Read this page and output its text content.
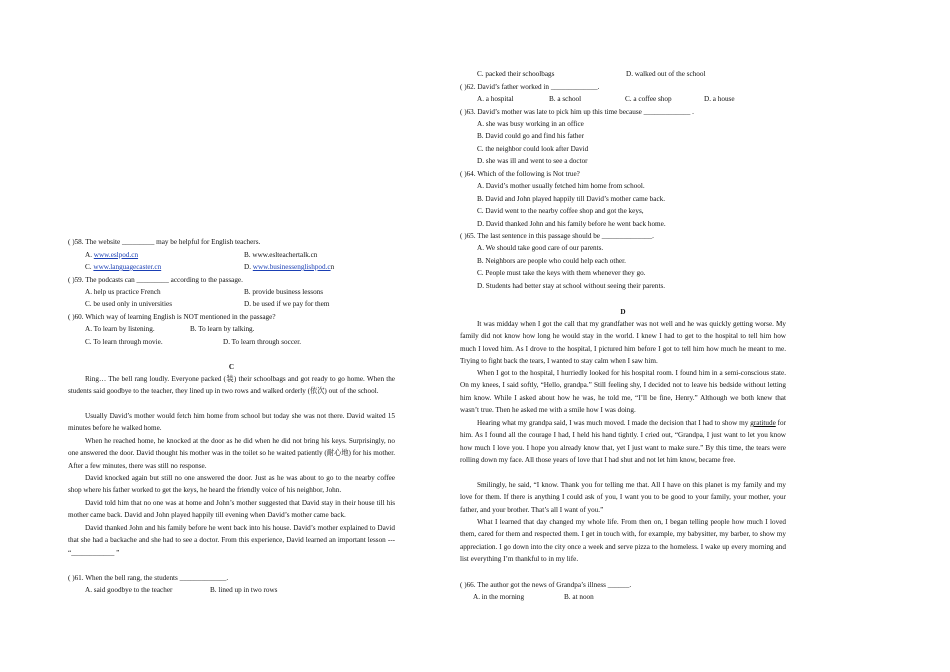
( )58. The website _________ may be helpful for English teachers.
A. www.eslpod.cn	B. www.eslteachertalk.cn
C. www.languagecaster.cn	D. www.businessenglishpod.cn
( )59. The podcasts can _________ according to the passage.
A. help us practice French	B. provide business lessons
C. be used only in universities	D. be used if we pay for them
( )60. Which way of learning English is NOT mentioned in the passage?
A. To learn by listening.	B. To learn by talking.
C. To learn through movie.	D. To learn through soccer.
C
Ring… The bell rang loudly. Everyone packed (装) their schoolbags and got ready to go home. When the students said goodbye to the teacher, they lined up in two rows and walked orderly (依次) out of the school.
Usually David’s mother would fetch him home from school but today she was not there. David waited 15 minutes before he walked home.
When he reached home, he knocked at the door as he did when he did not bring his keys. Surprisingly, no one answered the door. David thought his mother was in the toilet so he waited patiently (耐心地) for his mother. After a few minutes, there was still no response.
David knocked again but still no one answered the door. Just as he was about to go to the nearby coffee shop where his father worked to get the keys, he heard the friendly voice of his neighbor, John.
David told him that no one was at home and John’s mother suggested that David stay in their house till his mother came back. David and John played happily till evening when David’s mother came back.
David thanked John and his family before he went back into his house. David’s mother explained to David that she had a backache and she had to see a doctor. From this experience, David learned an important lesson --- “____________ ”
( )61. When the bell rang, the students _____________.
A. said goodbye to the teacher	B. lined up in two rows
C. packed their schoolbags	D. walked out of the school
( )62. David’s father worked in _____________.
A. a hospital	B. a school	C. a coffee shop	D. a house
( )63. David’s mother was late to pick him up this time because _____________ .
A. she was busy working in an office
B. David could go and find his father
C. the neighbor could look after David
D. she was ill and went to see a doctor
( )64. Which of the following is Not true?
A. David’s mother usually fetched him home from school.
B. David and John played happily till David’s mother came back.
C. David went to the nearby coffee shop and got the keys,
D. David thanked John and his family before he went back home.
( )65. The last sentence in this passage should be ______________.
A. We should take good care of our parents.
B. Neighbors are people who could help each other.
C. People must take the keys with them whenever they go.
D. Students had better stay at school without seeing their parents.
D
It was midday when I got the call that my grandfather was not well and he was quickly getting worse. My family did not know how long he would stay in the world. I knew I had to get to the hospital to tell him how much I loved him. As I drove to the hospital, I pictured him before I got to tell him how much he meant to me. Trying to fight back the tears, I wanted to stay calm when I saw him.
When I got to the hospital, I hurriedly looked for his hospital room. I found him in a semi-conscious state. On my knees, I said softly, “Hello, grandpa.” Still feeling shy, I decided not to leave his bedside without letting him know. While I asked about how he was, he told me, “I’ll be fine, Henry.” Although we both knew that wasn’t true. Then he asked me with a smile how I was doing.
Hearing what my grandpa said, I was much moved. I made the decision that I had to show my gratitude for him. As I found all the courage I had, I held his hand tightly. I cried out, “Grandpa, I just want to let you know how much I love you. I hope you already know that, yet I just want to make sure.” By this time, the tears were rolling down my face. All those years of love that I had shut and not let him know, became free.
Smilingly, he said, “I know. Thank you for telling me that. All I have on this planet is my family and my love for them. If there is anything I could ask of you, I want you to be good to your family, your mother, your father, and your brother. That’s all I want of you.”
What I learned that day changed my whole life. From then on, I began telling people how much I loved them, cared for them and respected them. I get in touch with, for example, my babysitter, my barber, to show my appreciation. I go down into the city once a week and serve pizza to the homeless. I wake up every morning and list everything I’m thankful to in my life.
( )66. The author got the news of Grandpa’s illness ______.
A. in the morning	B. at noon
